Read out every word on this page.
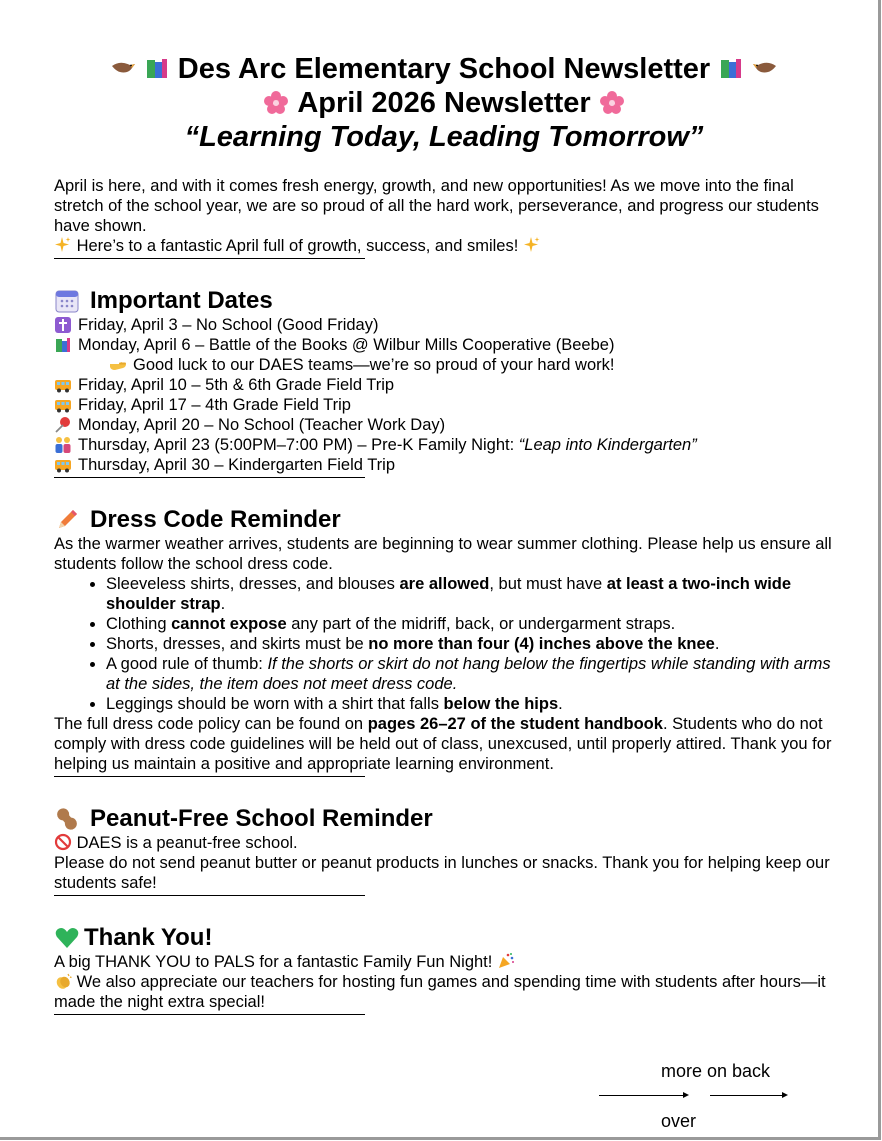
Des Arc Elementary School Newsletter
April 2026 Newsletter
“Learning Today, Leading Tomorrow”

April is here, and with it comes fresh energy, growth, and new opportunities! As we move into the final stretch of the school year, we are so proud of all the hard work, perseverance, and progress our students have shown.

Here’s to a fantastic April full of growth, success, and smiles!

Important Dates
Friday, April 3 – No School (Good Friday)
Monday, April 6 – Battle of the Books @ Wilbur Mills Cooperative (Beebe)
Good luck to our DAES teams—we’re so proud of your hard work!
Friday, April 10 – 5th & 6th Grade Field Trip
Friday, April 17 – 4th Grade Field Trip
Monday, April 20 – No School (Teacher Work Day)
Thursday, April 23 (5:00PM–7:00 PM) – Pre-K Family Night: “Leap into Kindergarten”
Thursday, April 30 – Kindergarten Field Trip
Dress Code Reminder

As the warmer weather arrives, students are beginning to wear summer clothing. Please help us ensure all students follow the school dress code.

• Sleeveless shirts, dresses, and blouses are allowed, but must have at least a two-inch wide shoulder strap.
• Clothing cannot expose any part of the midriff, back, or undergarment straps.
• Shorts, dresses, and skirts must be no more than four (4) inches above the knee.
• A good rule of thumb: If the shorts or skirt do not hang below the fingertips while standing with arms at the sides, the item does not meet dress code.
• Leggings should be worn with a shirt that falls below the hips.

The full dress code policy can be found on pages 26–27 of the student handbook. Students who do not comply with dress code guidelines will be held out of class, unexcused, until properly attired. Thank you for helping us maintain a positive and appropriate learning environment.

Peanut-Free School Reminder

DAES is a peanut-free school.

Please do not send peanut butter or peanut products in lunches or snacks. Thank you for helping keep our students safe!

Thank You!

A big THANK YOU to PALS for a fantastic Family Fun Night!

We also appreciate our teachers for hosting fun games and spending time with students after hours—it made the night extra special!

more on back
over
